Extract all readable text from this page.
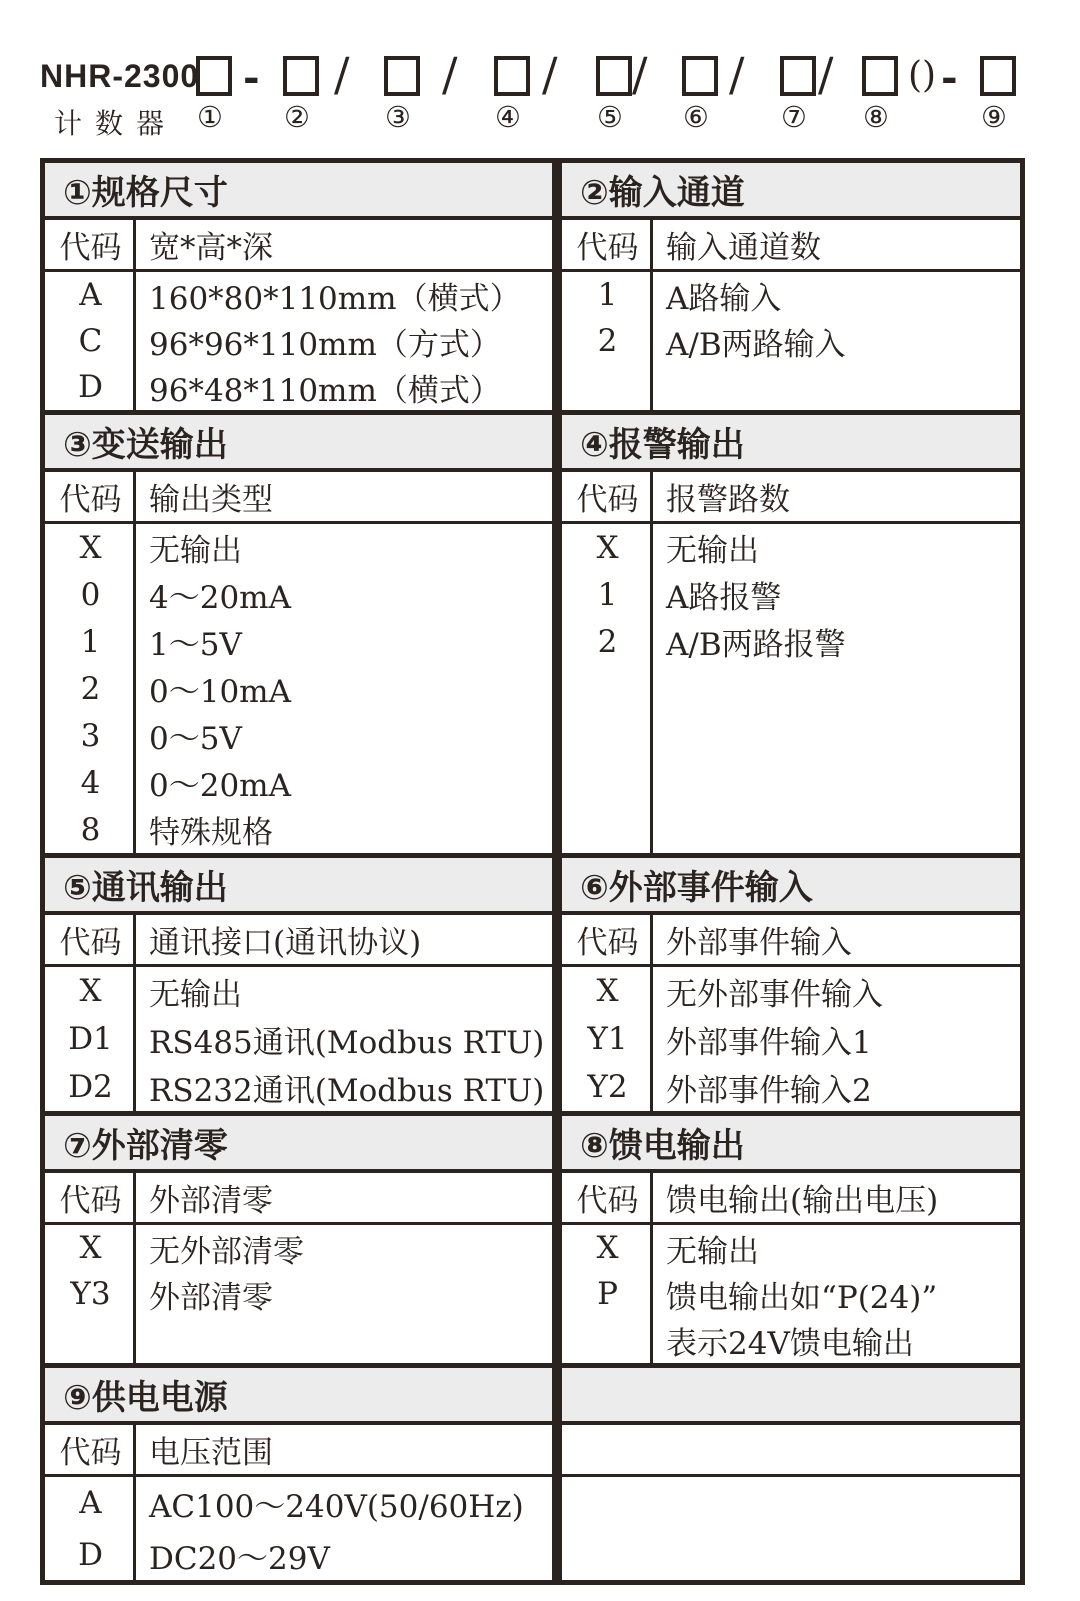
NHR-2300
计数器
- / / / / / / () -
① ②	③	④	⑤ ⑥ ⑦ ⑧	⑨
①规格尺寸
代码 宽*高*深
A	160*80*110mm（横式）
C	96*96*110mm（方式）
D	96*48*110mm（横式）
②输入通道
代码 输入通道数
1	A路输入
2	A/B两路输入
③变送输出
代码 输出类型
X	无输出
0	4～20mA
1	1～5V
2	0～10mA
3	0～5V
4	0～20mA
8	特殊规格
④报警输出
代码 报警路数
X	无输出
1	A路报警
2	A/B两路报警
⑤通讯输出
代码 通讯接口(通讯协议)
X	无输出
D1	RS485通讯(Modbus RTU)
D2	RS232通讯(Modbus RTU)
⑥外部事件输入
代码 外部事件输入
X	无外部事件输入
Y1	外部事件输入1
Y2	外部事件输入2
⑦外部清零
代码 外部清零
X	无外部清零
Y3	外部清零
⑧馈电输出
代码 馈电输出(输出电压)
X	无输出
P	馈电输出如“P(24)”
表示24V馈电输出
⑨供电电源
代码 电压范围
A	AC100～240V(50/60Hz)
D	DC20～29V
